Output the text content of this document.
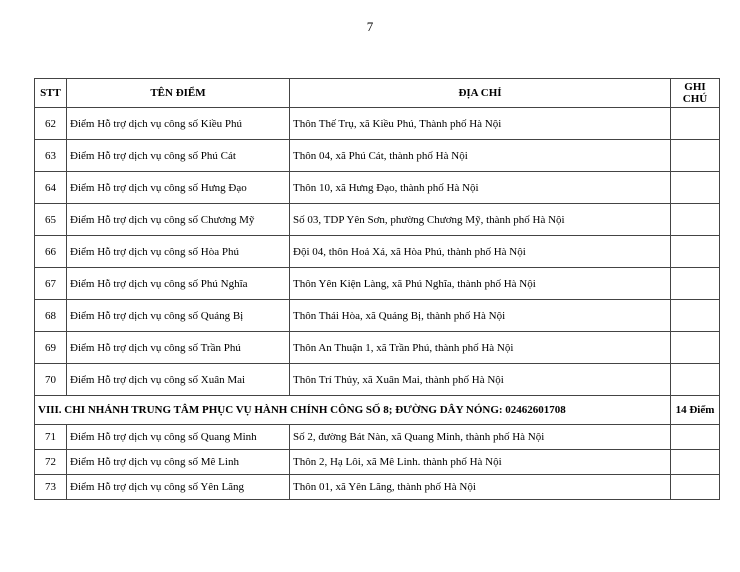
7
STT	TÊN ĐIỂM	ĐỊA CHỈ	GHI CHÚ
62	Điểm Hỗ trợ dịch vụ công số Kiều Phú	Thôn Thế Trụ, xã Kiều Phú, Thành phố Hà Nội	
63	Điểm Hỗ trợ dịch vụ công số Phú Cát	Thôn 04, xã Phú Cát, thành phố Hà Nội	
64	Điểm Hỗ trợ dịch vụ công số Hưng Đạo	Thôn 10, xã Hưng Đạo, thành phố Hà Nội	
65	Điểm Hỗ trợ dịch vụ công số Chương Mỹ	Số 03, TDP Yên Sơn, phường Chương Mỹ, thành phố Hà Nội	
66	Điểm Hỗ trợ dịch vụ công số Hòa Phú	Đội 04, thôn Hoả Xá, xã Hòa Phú, thành phố Hà Nội	
67	Điểm Hỗ trợ dịch vụ công số Phú Nghĩa	Thôn Yên Kiện Làng, xã Phú Nghĩa, thành phố Hà Nội	
68	Điểm Hỗ trợ dịch vụ công số Quảng Bị	Thôn Thái Hòa, xã Quảng Bị, thành phố Hà Nội	
69	Điểm Hỗ trợ dịch vụ công số Trần Phú	Thôn An Thuận 1, xã Trần Phú, thành phố Hà Nội	
70	Điểm Hỗ trợ dịch vụ công số Xuân Mai	Thôn Trí Thủy, xã Xuân Mai, thành phố Hà Nội	
VIII. CHI NHÁNH TRUNG TÂM PHỤC VỤ HÀNH CHÍNH CÔNG SỐ 8; ĐƯỜNG DÂY NÓNG: 02462601708			14 Điểm
71	Điểm Hỗ trợ dịch vụ công số Quang Minh	Số 2, đường Bát Nàn, xã Quang Minh, thành phố Hà Nội	
72	Điểm Hỗ trợ dịch vụ công số Mê Linh	Thôn 2, Hạ Lôi, xã Mê Linh. thành phố Hà Nội	
73	Điểm Hỗ trợ dịch vụ công số Yên Lãng	Thôn 01, xã Yên Lãng, thành phố Hà Nội	
